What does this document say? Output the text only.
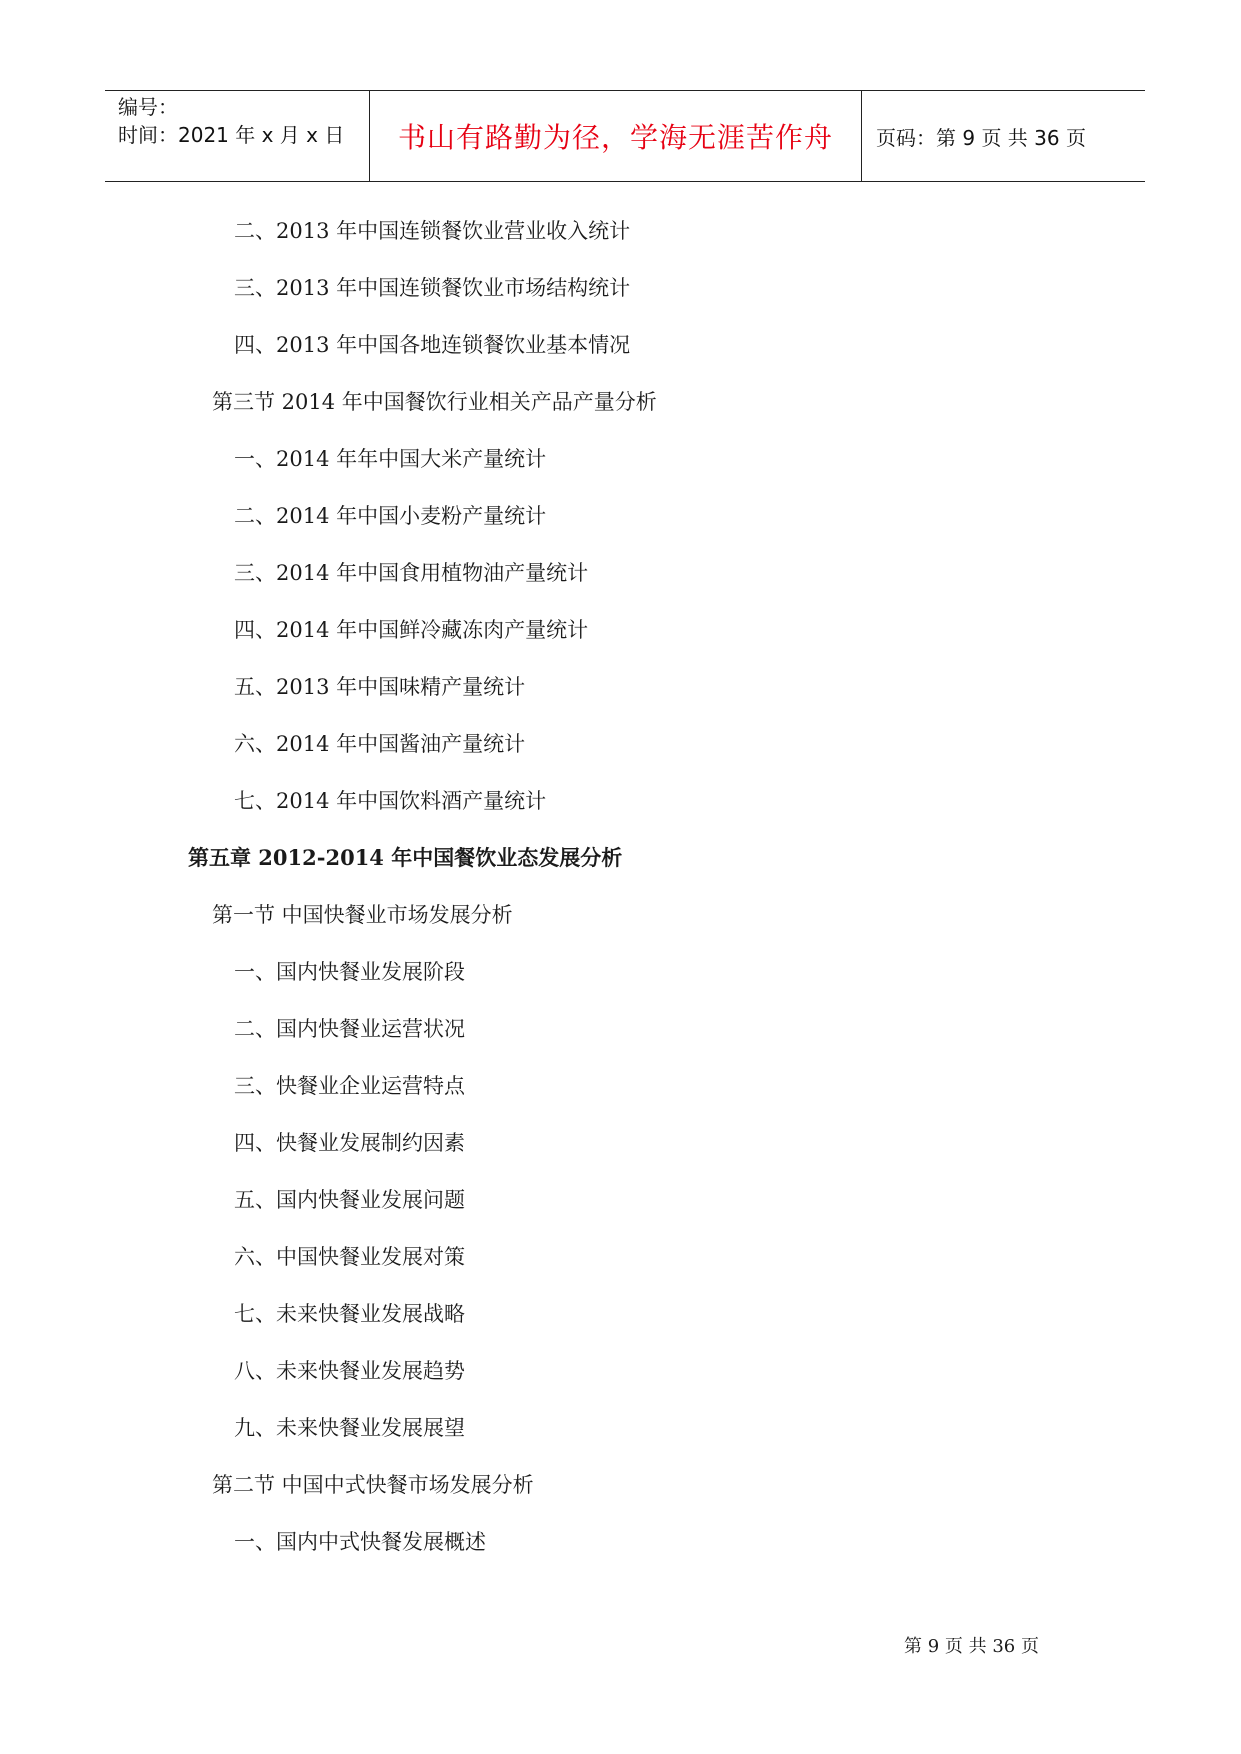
编号：
时间：2021 年 x 月 x 日	书山有路勤为径，学海无涯苦作舟 页码：第 9 页 共 36 页
二、2013 年中国连锁餐饮业营业收入统计
三、2013 年中国连锁餐饮业市场结构统计
四、2013 年中国各地连锁餐饮业基本情况
第三节 2014 年中国餐饮行业相关产品产量分析
一、2014 年年中国大米产量统计
二、2014 年中国小麦粉产量统计
三、2014 年中国食用植物油产量统计
四、2014 年中国鲜冷藏冻肉产量统计
五、2013 年中国味精产量统计
六、2014 年中国酱油产量统计
七、2014 年中国饮料酒产量统计
第五章 2012-2014 年中国餐饮业态发展分析
第一节 中国快餐业市场发展分析
一、国内快餐业发展阶段
二、国内快餐业运营状况
三、快餐业企业运营特点
四、快餐业发展制约因素
五、国内快餐业发展问题
六、中国快餐业发展对策
七、未来快餐业发展战略
八、未来快餐业发展趋势
九、未来快餐业发展展望
第二节 中国中式快餐市场发展分析
一、国内中式快餐发展概述
第 9 页 共 36 页
